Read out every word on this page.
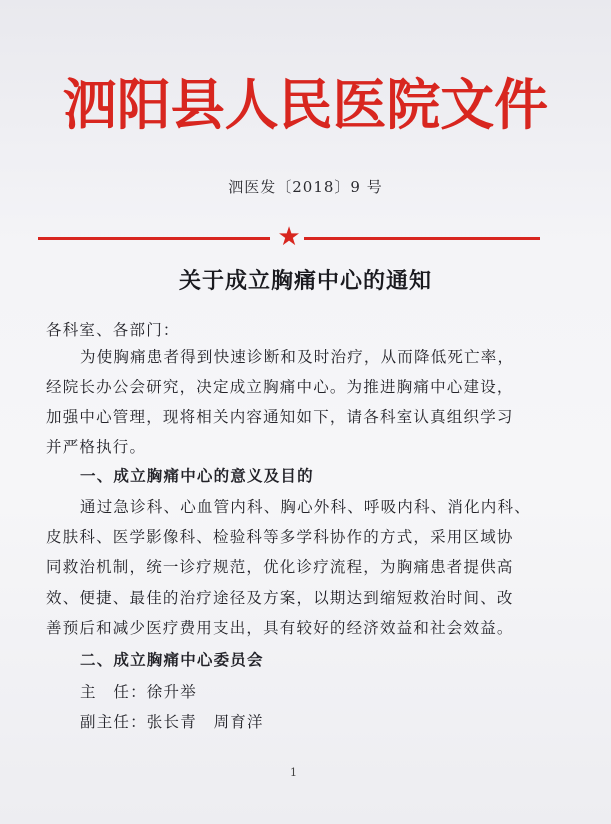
泗阳县人民医院文件
泗医发〔2018〕9 号
★
关于成立胸痛中心的通知
各科室、各部门：
为使胸痛患者得到快速诊断和及时治疗，从而降低死亡率，
经院长办公会研究，决定成立胸痛中心。为推进胸痛中心建设，
加强中心管理，现将相关内容通知如下，请各科室认真组织学习
并严格执行。
一、成立胸痛中心的意义及目的
通过急诊科、心血管内科、胸心外科、呼吸内科、消化内科、
皮肤科、医学影像科、检验科等多学科协作的方式，采用区域协
同救治机制，统一诊疗规范，优化诊疗流程，为胸痛患者提供高
效、便捷、最佳的治疗途径及方案，以期达到缩短救治时间、改
善预后和减少医疗费用支出，具有较好的经济效益和社会效益。
二、成立胸痛中心委员会
主　任：徐升举
副主任：张长青　周育洋
1
